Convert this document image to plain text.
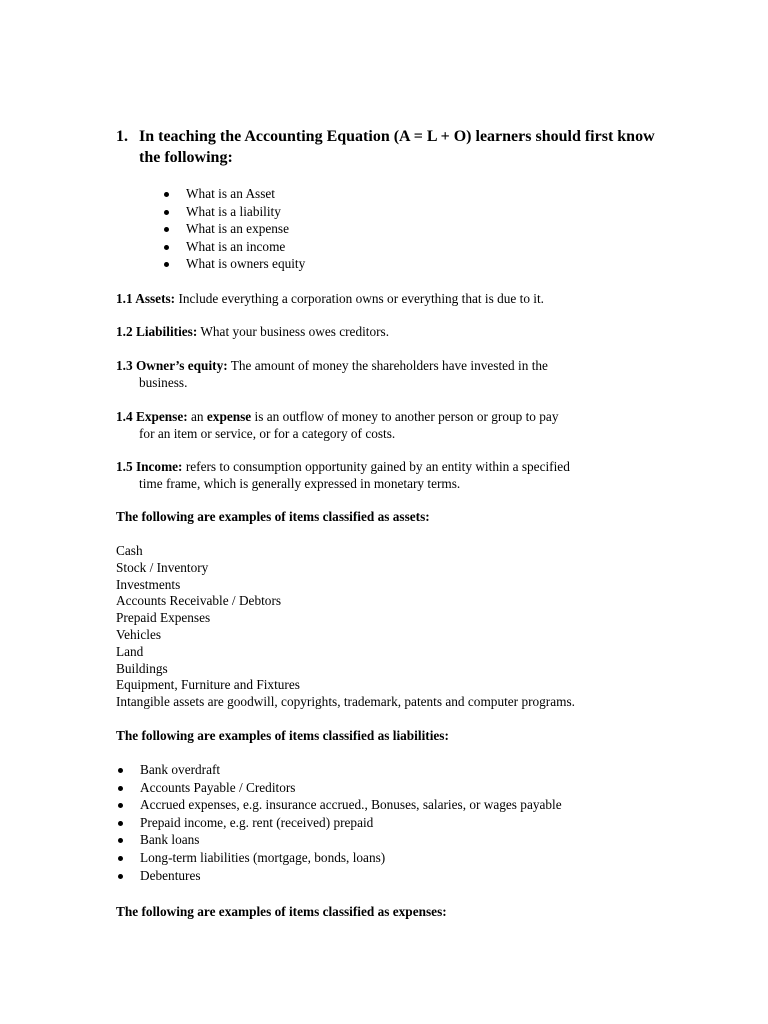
1. In teaching the Accounting Equation (A = L + O) learners should first know the following:
What is an Asset
What is a liability
What is an expense
What is an income
What is owners equity
1.1 Assets: Include everything a corporation owns or everything that is due to it.
1.2 Liabilities: What your business owes creditors.
1.3 Owner’s equity: The amount of money the shareholders have invested in the
business.
1.4 Expense: an expense is an outflow of money to another person or group to pay
for an item or service, or for a category of costs.
1.5 Income: refers to consumption opportunity gained by an entity within a specified
time frame, which is generally expressed in monetary terms.
The following are examples of items classified as assets:
Cash
Stock / Inventory
Investments
Accounts Receivable / Debtors
Prepaid Expenses
Vehicles
Land
Buildings
Equipment, Furniture and Fixtures
Intangible assets are goodwill, copyrights, trademark, patents and computer programs.
The following are examples of items classified as liabilities:
Bank overdraft
Accounts Payable / Creditors
Accrued expenses, e.g. insurance accrued., Bonuses, salaries, or wages payable
Prepaid income, e.g. rent (received) prepaid
Bank loans
Long-term liabilities (mortgage, bonds, loans)
Debentures
The following are examples of items classified as expenses:
